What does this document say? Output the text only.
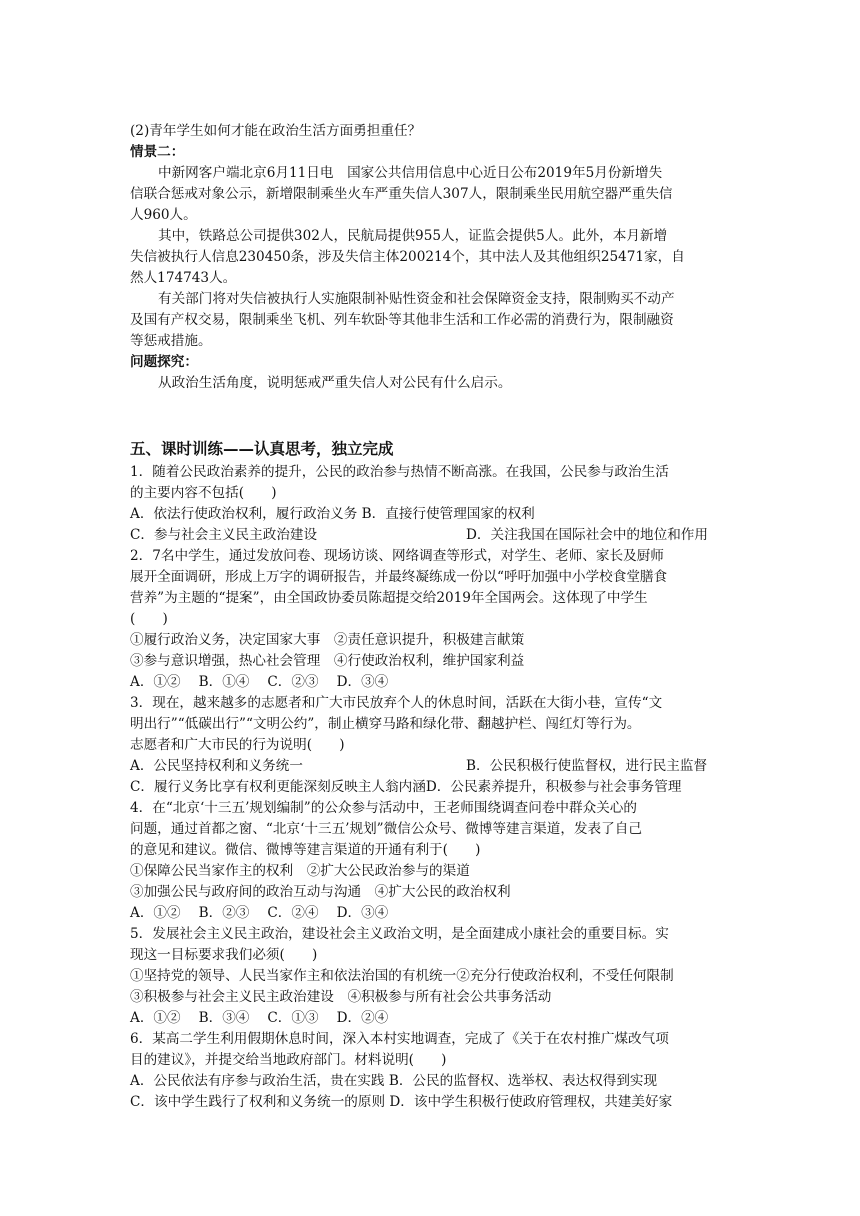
(2)青年学生如何才能在政治生活方面勇担重任？
情景二：
中新网客户端北京6月11日电　国家公共信用信息中心近日公布2019年5月份新增失
信联合惩戒对象公示，新增限制乘坐火车严重失信人307人，限制乘坐民用航空器严重失信
人960人。
其中，铁路总公司提供302人，民航局提供955人，证监会提供5人。此外，本月新增
失信被执行人信息230450条，涉及失信主体200214个，其中法人及其他组织25471家，自
然人174743人。
有关部门将对失信被执行人实施限制补贴性资金和社会保障资金支持，限制购买不动产
及国有产权交易，限制乘坐飞机、列车软卧等其他非生活和工作必需的消费行为，限制融资
等惩戒措施。
问题探究：
从政治生活角度，说明惩戒严重失信人对公民有什么启示。
五、课时训练——认真思考，独立完成
1．随着公民政治素养的提升，公民的政治参与热情不断高涨。在我国，公民参与政治生活
的主要内容不包括(　　)
A．依法行使政治权利，履行政治义务 B．直接行使管理国家的权利
C．参与社会主义民主政治建设	D．关注我国在国际社会中的地位和作用
2．7名中学生，通过发放问卷、现场访谈、网络调查等形式，对学生、老师、家长及厨师
展开全面调研，形成上万字的调研报告，并最终凝练成一份以“呼吁加强中小学校食堂膳食
营养”为主题的“提案”，由全国政协委员陈超提交给2019年全国两会。这体现了中学生
(　　)
①履行政治义务，决定国家大事　②责任意识提升，积极建言献策
③参与意识增强，热心社会管理　④行使政治权利，维护国家利益
A．①② B．①④ C．②③ D．③④
3．现在，越来越多的志愿者和广大市民放弃个人的休息时间，活跃在大街小巷，宣传“文
明出行”“低碳出行”“文明公约”，制止横穿马路和绿化带、翻越护栏、闯红灯等行为。
志愿者和广大市民的行为说明(　　)
A．公民坚持权利和义务统一	B．公民积极行使监督权，进行民主监督
C．履行义务比享有权利更能深刻反映主人翁内涵 D．公民素养提升，积极参与社会事务管理
4．在“北京‘十三五’规划编制”的公众参与活动中，王老师围绕调查问卷中群众关心的
问题，通过首都之窗、“北京‘十三五’规划”微信公众号、微博等建言渠道，发表了自己
的意见和建议。微信、微博等建言渠道的开通有利于(　　)
①保障公民当家作主的权利　②扩大公民政治参与的渠道
③加强公民与政府间的政治互动与沟通　④扩大公民的政治权利
A．①② B．②③ C．②④ D．③④
5．发展社会主义民主政治，建设社会主义政治文明，是全面建成小康社会的重要目标。实
现这一目标要求我们必须(　　)
①坚持党的领导、人民当家作主和依法治国的有机统一②充分行使政治权利，不受任何限制
③积极参与社会主义民主政治建设　④积极参与所有社会公共事务活动
A．①② B．③④ C．①③ D．②④
6．某高二学生利用假期休息时间，深入本村实地调查，完成了《关于在农村推广煤改气项
目的建议》，并提交给当地政府部门。材料说明(　　)
A．公民依法有序参与政治生活，贵在实践 B．公民的监督权、选举权、表达权得到实现
C．该中学生践行了权利和义务统一的原则 D．该中学生积极行使政府管理权，共建美好家
